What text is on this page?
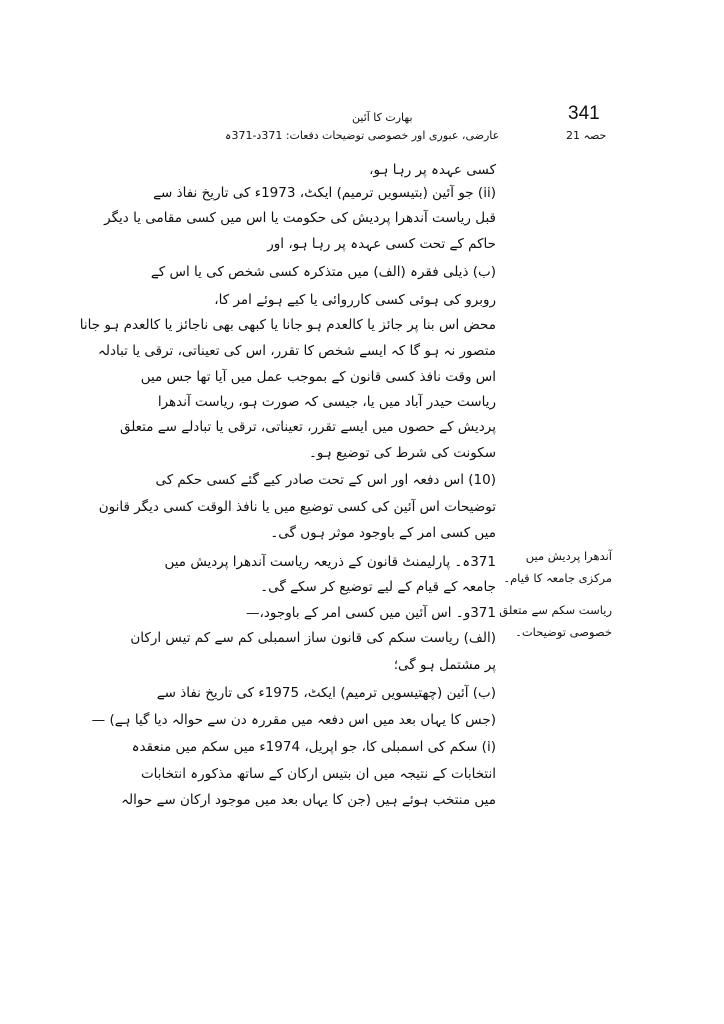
341
بھارت کا آئین
عارضی، عبوری اور خصوصی توضیحات
دفعات: 371د-371ہ	حصہ 21
کسی عہدہ پر رہا ہو،
(ii) جو آئین (بتیسویں ترمیم) ایکٹ، 1973ء کی تاریخ نفاذ سے
قبل ریاست آندھرا پردیش کی حکومت یا اس میں کسی مقامی یا دیگر
حاکم کے تحت کسی عہدہ پر رہا ہو، اور
(ب) ذیلی فقرہ (الف) میں متذکرہ کسی شخص کی یا اس کے
روبرو کی ہوئی کسی کارروائی یا کیے ہوئے امر کا،
محض اس بنا پر جائز یا کالعدم ہو جانا یا کبھی بھی ناجائز یا کالعدم ہو جانا
متصور نہ ہو گا کہ ایسے شخص کا تقرر، اس کی تعیناتی، ترقی یا تبادلہ
اس وقت نافذ کسی قانون کے بموجب عمل میں آیا تھا جس میں
ریاست حیدر آباد میں یا، جیسی کہ صورت ہو، ریاست آندھرا
پردیش کے حصوں میں ایسے تقرر، تعیناتی، ترقی یا تبادلے سے متعلق
سکونت کی شرط کی توضیع ہو۔
(10) اس دفعہ اور اس کے تحت صادر کیے گئے کسی حکم کی
توضیحات اس آئین کی کسی توضیع میں یا نافذ الوقت کسی دیگر قانون
میں کسی امر کے باوجود موثر ہوں گی۔
371ہ۔ پارلیمنٹ قانون کے ذریعہ ریاست آندھرا پردیش میں
جامعہ کے قیام کے لیے توضیع کر سکے گی۔
371و۔ اس آئین میں کسی امر کے باوجود،—
(الف) ریاست سکم کی قانون ساز اسمبلی کم سے کم تیس ارکان
پر مشتمل ہو گی؛
(ب) آئین (چھتیسویں ترمیم) ایکٹ، 1975ء کی تاریخ نفاذ سے
(جس کا یہاں بعد میں اس دفعہ میں مقررہ دن سے حوالہ دیا گیا ہے) —
(i) سکم کی اسمبلی کا، جو اپریل، 1974ء میں سکم میں منعقدہ
انتخابات کے نتیجہ میں ان بتیس ارکان کے ساتھ مذکورہ انتخابات
میں منتخب ہوئے ہیں (جن کا یہاں بعد میں موجود ارکان سے حوالہ
آندھرا پردیش میں
مرکزی جامعہ کا قیام۔
ریاست سکم سے متعلق
خصوصی توضیحات۔
